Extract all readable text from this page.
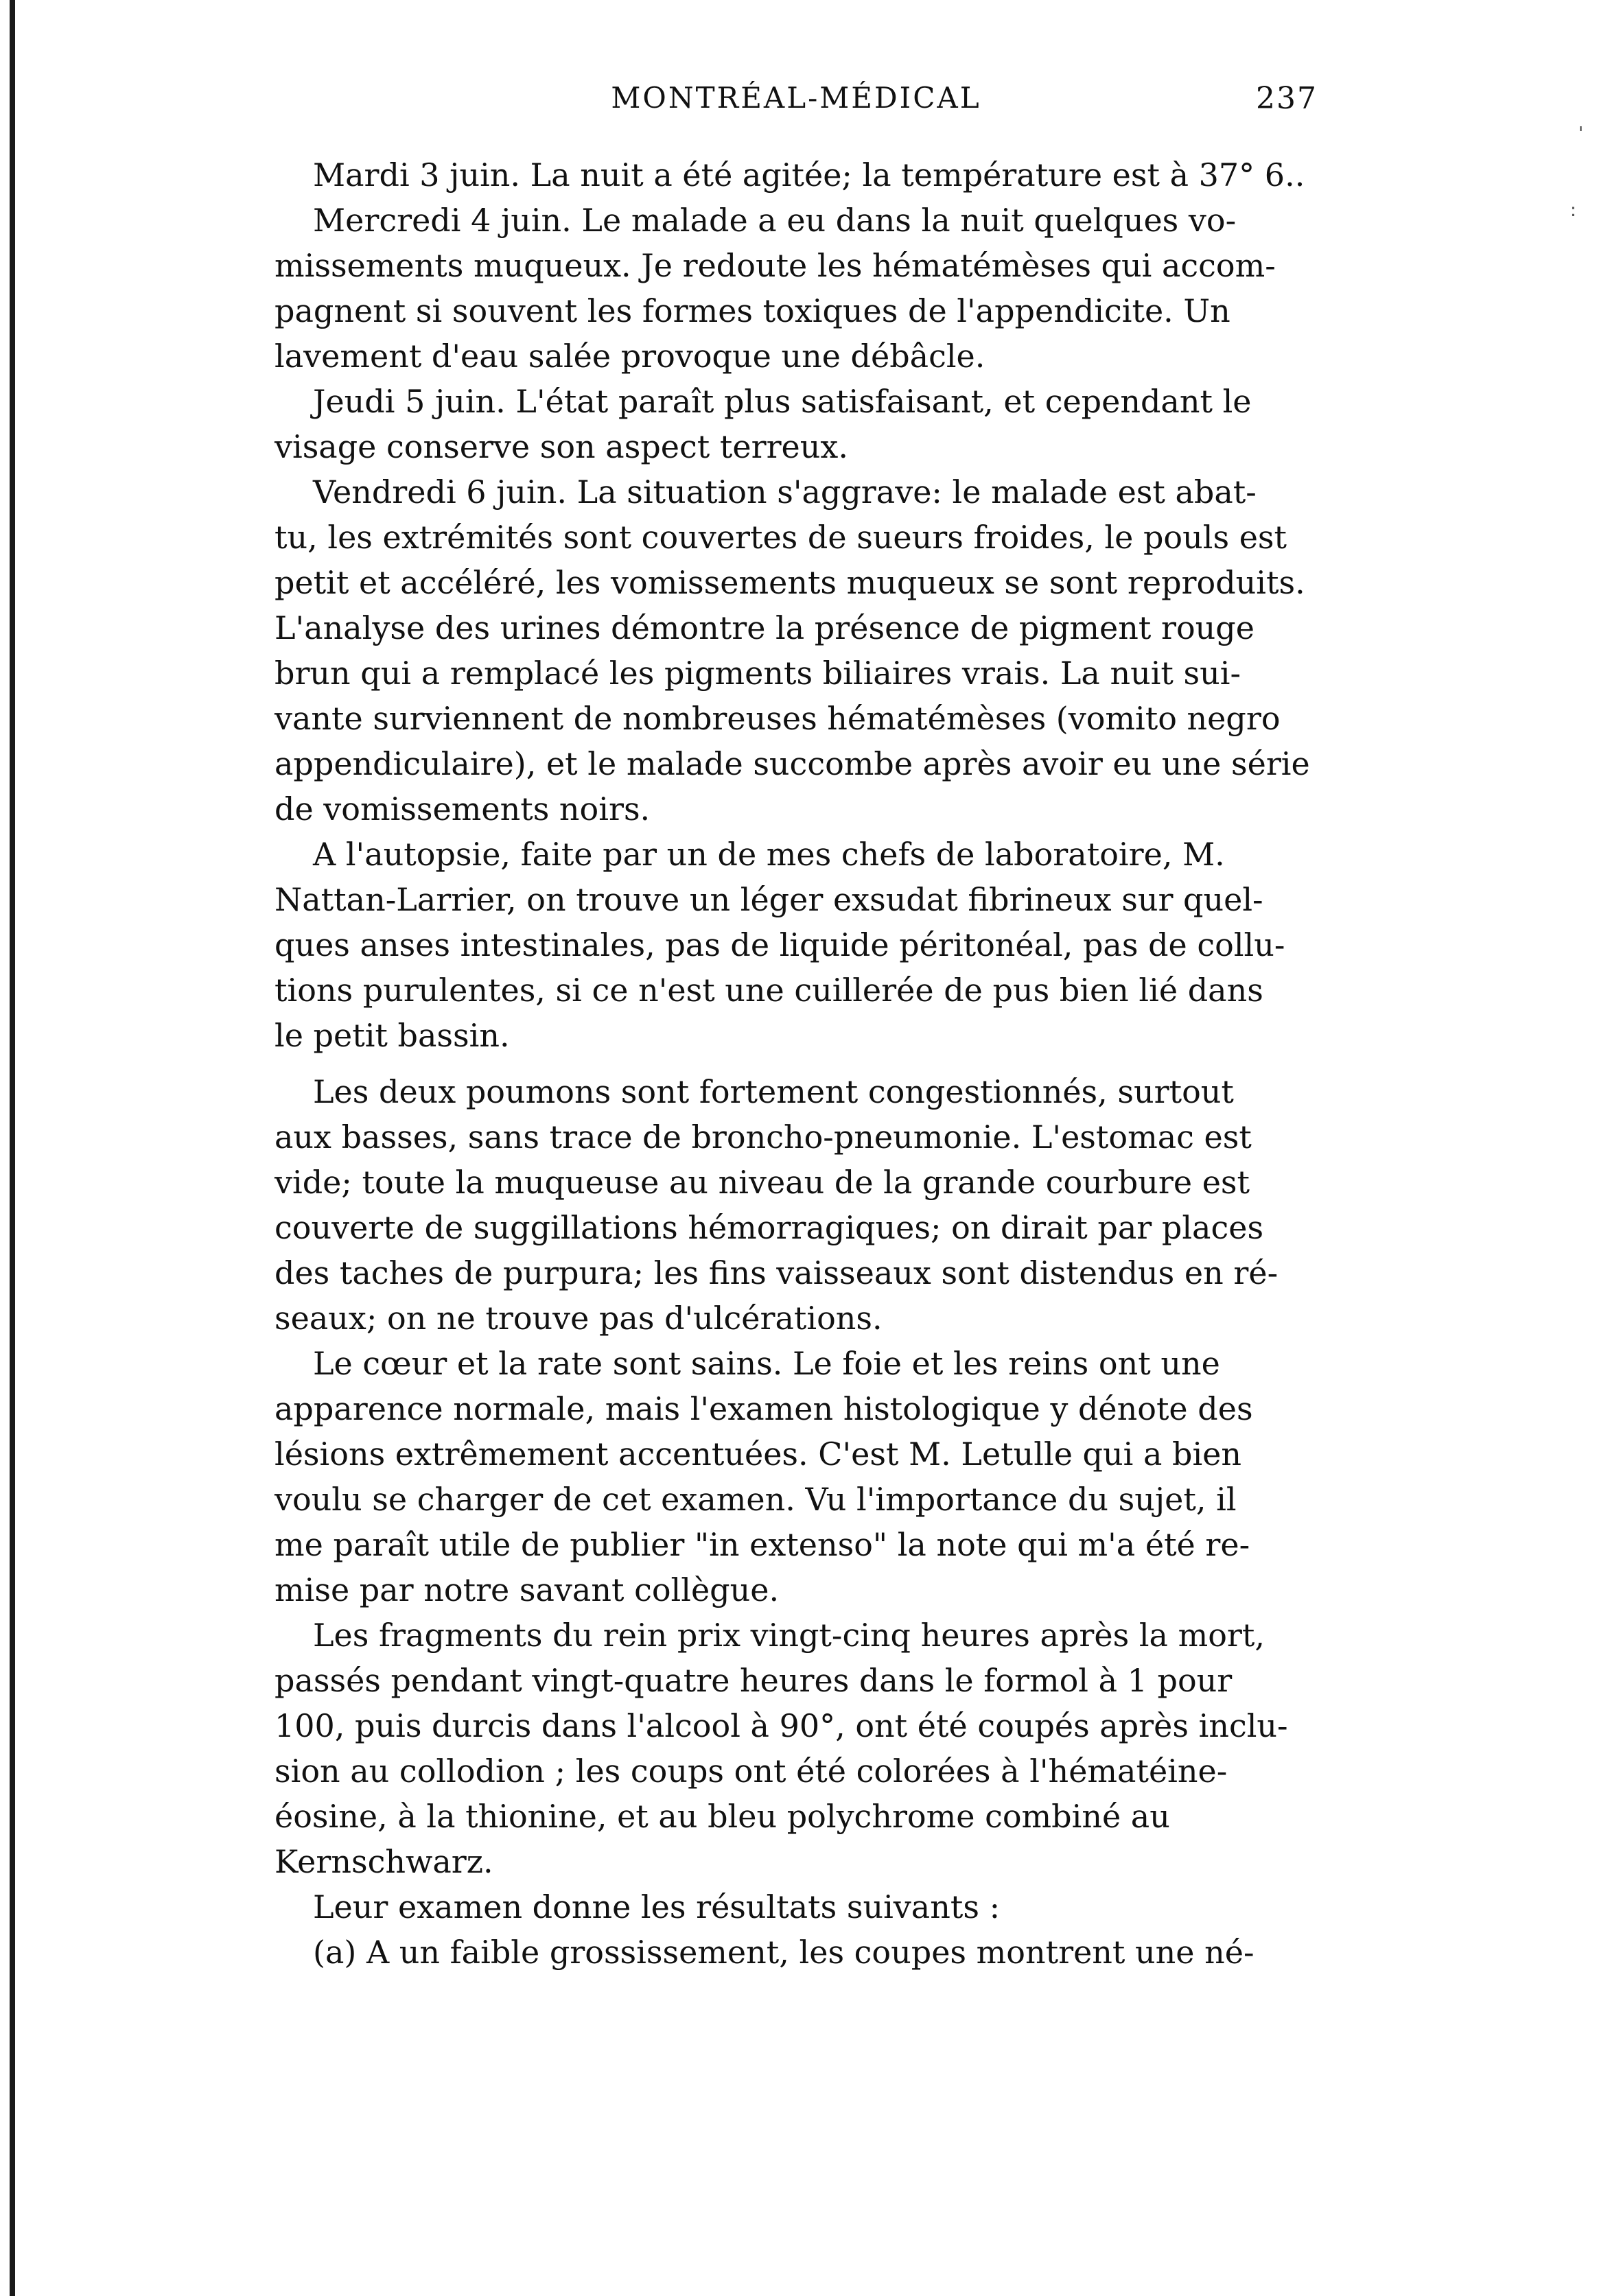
MONTRÉAL-MÉDICAL	237
Mardi 3 juin. La nuit a été agitée; la température est à 37° 6..
Mercredi 4 juin. Le malade a eu dans la nuit quelques vo-
missements muqueux. Je redoute les hématémèses qui accom-
pagnent si souvent les formes toxiques de l'appendicite. Un
lavement d'eau salée provoque une débâcle.
Jeudi 5 juin. L'état paraît plus satisfaisant, et cependant le
visage conserve son aspect terreux.
Vendredi 6 juin. La situation s'aggrave: le malade est abat-
tu, les extrémités sont couvertes de sueurs froides, le pouls est
petit et accéléré, les vomissements muqueux se sont reproduits.
L'analyse des urines démontre la présence de pigment rouge
brun qui a remplacé les pigments biliaires vrais. La nuit sui-
vante surviennent de nombreuses hématémèses (vomito negro
appendiculaire), et le malade succombe après avoir eu une série
de vomissements noirs.
A l'autopsie, faite par un de mes chefs de laboratoire, M.
Nattan-Larrier, on trouve un léger exsudat fibrineux sur quel-
ques anses intestinales, pas de liquide péritonéal, pas de collu-
tions purulentes, si ce n'est une cuillerée de pus bien lié dans
le petit bassin.
Les deux poumons sont fortement congestionnés, surtout
aux basses, sans trace de broncho-pneumonie. L'estomac est
vide; toute la muqueuse au niveau de la grande courbure est
couverte de suggillations hémorragiques; on dirait par places
des taches de purpura; les fins vaisseaux sont distendus en ré-
seaux; on ne trouve pas d'ulcérations.
Le cœur et la rate sont sains. Le foie et les reins ont une
apparence normale, mais l'examen histologique y dénote des
lésions extrêmement accentuées. C'est M. Letulle qui a bien
voulu se charger de cet examen. Vu l'importance du sujet, il
me paraît utile de publier "in extenso" la note qui m'a été re-
mise par notre savant collègue.
Les fragments du rein prix vingt-cinq heures après la mort,
passés pendant vingt-quatre heures dans le formol à 1 pour
100, puis durcis dans l'alcool à 90°, ont été coupés après inclu-
sion au collodion ; les coups ont été colorées à l'hématéine-
éosine, à la thionine, et au bleu polychrome combiné au
Kernschwarz.
Leur examen donne les résultats suivants :
(a) A un faible grossissement, les coupes montrent une né-
:
'
